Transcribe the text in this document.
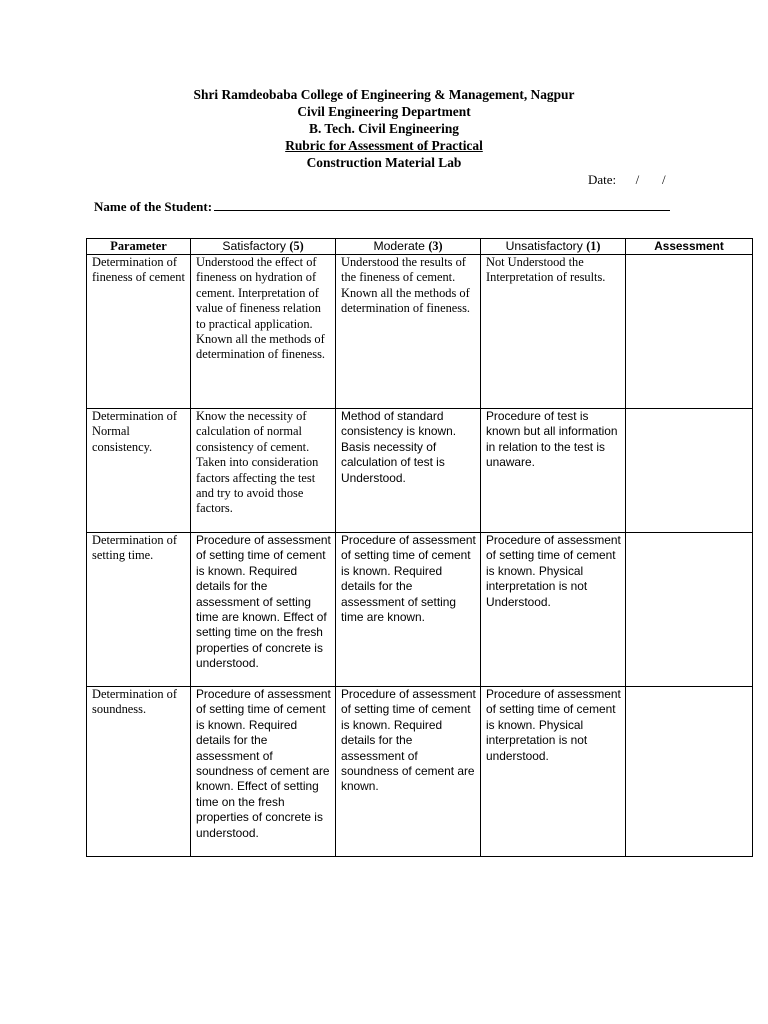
Shri Ramdeobaba College of Engineering & Management, Nagpur
Civil Engineering Department
B. Tech. Civil Engineering
Rubric for Assessment of Practical
Construction Material Lab
Date:      /       /
Name of the Student:
Parameter	Satisfactory (5)	Moderate (3)	Unsatisfactory (1)	Assessment
Determination of fineness of cement	Understood the effect of fineness on hydration of cement. Interpretation of value of fineness relation to practical application. Known all the methods of determination of fineness.	Understood the results of the fineness of cement. Known all the methods of determination of fineness.	Not Understood the Interpretation of results.	
Determination of Normal consistency.	Know the necessity of calculation of normal consistency of cement. Taken into consideration factors affecting the test and try to avoid those factors.	Method of standard consistency is known. Basis necessity of calculation of test is Understood.	Procedure of test is known but all information in relation to the test is unaware.	
Determination of setting time.	Procedure of assessment of setting time of cement is known. Required details for the assessment of setting time are known. Effect of setting time on the fresh properties of concrete is understood.	Procedure of assessment of setting time of cement is known. Required details for the assessment of setting time are known.	Procedure of assessment of setting time of cement is known. Physical interpretation is not Understood.	
Determination of soundness.	Procedure of assessment of setting time of cement is known. Required details for the assessment of soundness of cement are known. Effect of setting time on the fresh properties of concrete is understood.	Procedure of assessment of setting time of cement is known. Required details for the assessment of soundness of cement are known.	Procedure of assessment of setting time of cement is known. Physical interpretation is not understood.	
